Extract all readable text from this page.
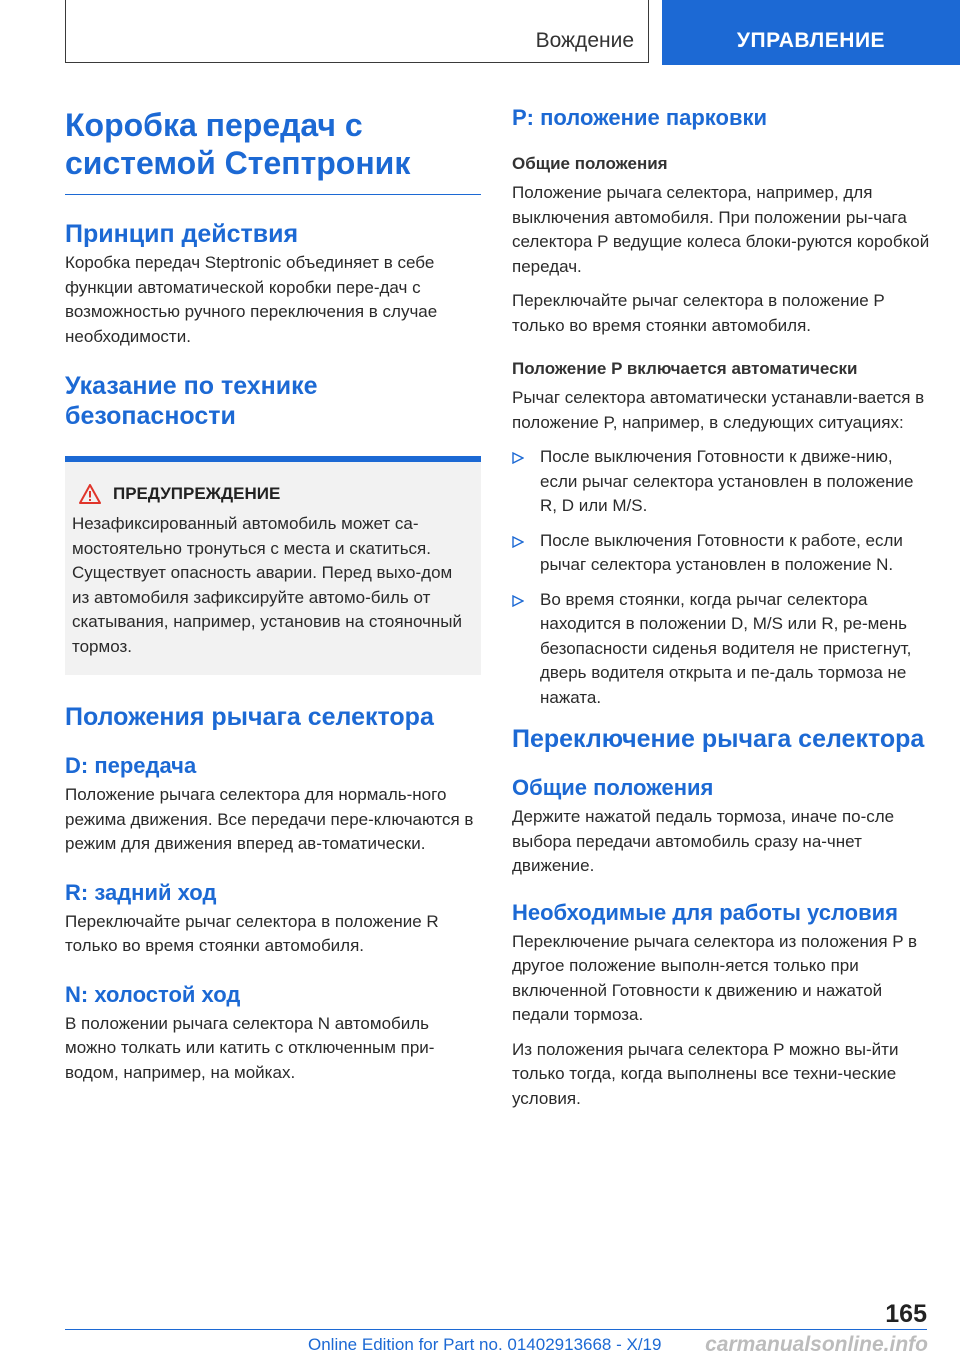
Вождение	УПРАВЛЕНИЕ
Коробка передач с системой Стептроник
Принцип действия

Коробка передач Steptronic объединяет в себе функции автоматической коробки пере-дач с возможностью ручного переключения в случае необходимости.

Указание по технике безопасности
ПРЕДУПРЕЖДЕНИЕ

Незафиксированный автомобиль может са-мостоятельно тронуться с места и скатиться. Существует опасность аварии. Перед выхо-дом из автомобиля зафиксируйте автомо-биль от скатывания, например, установив на стояночный тормоз.

Положения рычага селектора
D: передача

Положение рычага селектора для нормаль-ного режима движения. Все передачи пере-ключаются в режим для движения вперед ав-томатически.

R: задний ход

Переключайте рычаг селектора в положение R только во время стоянки автомобиля.

N: холостой ход

В положении рычага селектора N автомобиль можно толкать или катить с отключенным при-водом, например, на мойках.

P: положение парковки
Общие положения

Положение рычага селектора, например, для выключения автомобиля. При положении ры-чага селектора P ведущие колеса блоки-руются коробкой передач.

Переключайте рычаг селектора в положение P только во время стоянки автомобиля.

Положение P включается автоматически

Рычаг селектора автоматически устанавли-вается в положение P, например, в следующих ситуациях:

После выключения Готовности к движе-нию, если рычаг селектора установлен в положение R, D или M/S.

После выключения Готовности к работе, если рычаг селектора установлен в положение N.

Во время стоянки, когда рычаг селектора находится в положении D, M/S или R, ре-мень безопасности сиденья водителя не пристегнут, дверь водителя открыта и пе-даль тормоза не нажата.

Переключение рычага селектора
Общие положения

Держите нажатой педаль тормоза, иначе по-сле выбора передачи автомобиль сразу на-чнет движение.

Необходимые для работы условия

Переключение рычага селектора из положения P в другое положение выполн-яется только при включенной Готовности к движению и нажатой педали тормоза.

Из положения рычага селектора P можно вы-йти только тогда, когда выполнены все техни-ческие условия.

165
Online Edition for Part no. 01402913668 - X/19 carmanualsonline.info
